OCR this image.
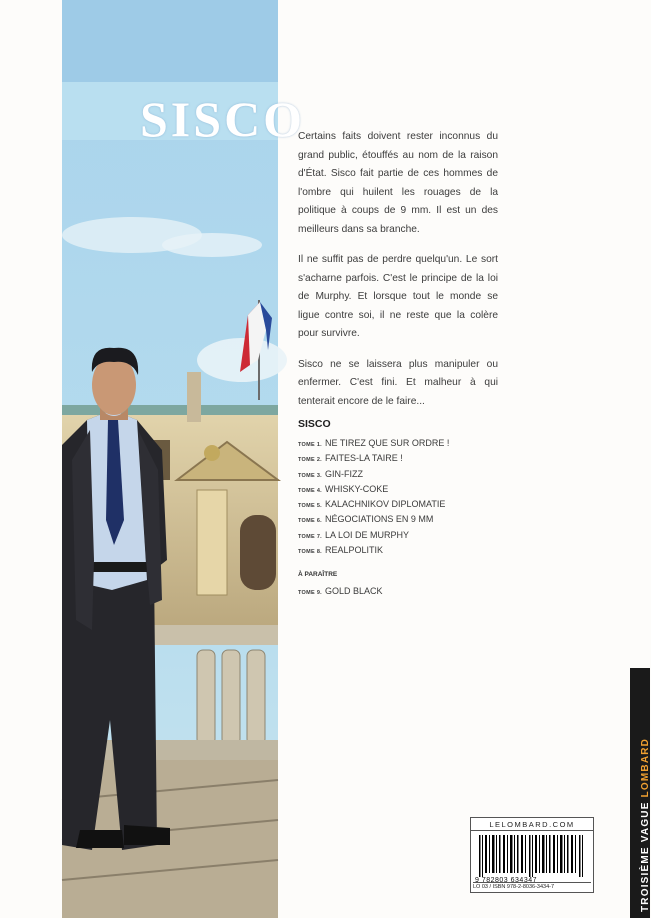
SISCO

Certains faits doivent rester inconnus du grand public, étouffés au nom de la raison d'État. Sisco fait partie de ces hommes de l'ombre qui huilent les rouages de la politique à coups de 9 mm. Il est un des meilleurs dans sa branche.

Il ne suffit pas de perdre quelqu'un. Le sort s'acharne parfois. C'est le principe de la loi de Murphy. Et lorsque tout le monde se ligue contre soi, il ne reste que la colère pour survivre.

Sisco ne se laissera plus manipuler ou enfermer. C'est fini. Et malheur à qui tenterait encore de le faire...

SISCO
TOME 1. NE TIREZ QUE SUR ORDRE !
TOME 2. FAITES-LA TAIRE !
TOME 3. GIN-FIZZ
TOME 4. WHISKY-COKE
TOME 5. KALACHNIKOV DIPLOMATIE
TOME 6. NÉGOCIATIONS EN 9 MM
TOME 7. LA LOI DE MURPHY
TOME 8. REALPOLITIK
À PARAÎTRE
TOME 9. GOLD BLACK
LELOMBARD.COM
9 782803 634347
LO 03 / ISBN 978-2-8036-3434-7	TROISIÈME VAGUE LOMBARD
